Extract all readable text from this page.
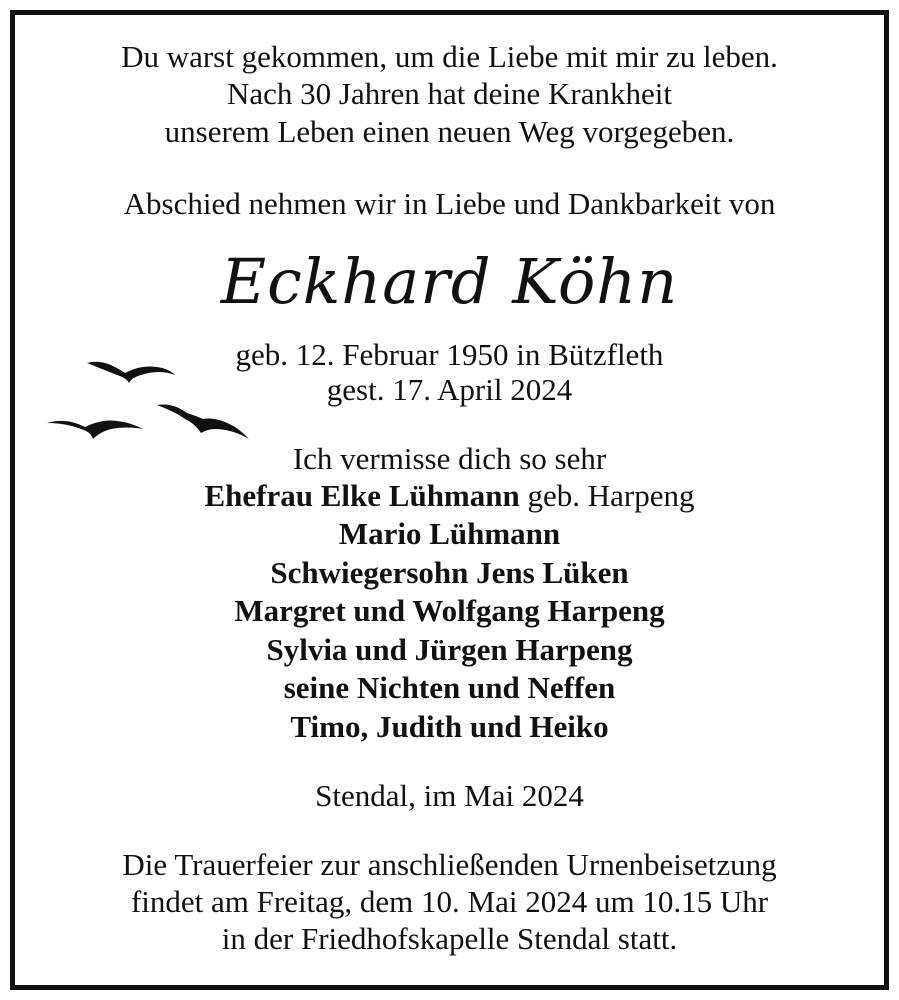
Du warst gekommen, um die Liebe mit mir zu leben.
Nach 30 Jahren hat deine Krankheit
unserem Leben einen neuen Weg vorgegeben.
Abschied nehmen wir in Liebe und Dankbarkeit von
Eckhard Köhn
geb. 12. Februar 1950 in Bützfleth
gest. 17. April 2024
Ich vermisse dich so sehr
Ehefrau Elke Lühmann geb. Harpeng
Mario Lühmann
Schwiegersohn Jens Lüken
Margret und Wolfgang Harpeng
Sylvia und Jürgen Harpeng
seine Nichten und Neffen
Timo, Judith und Heiko
Stendal, im Mai 2024
Die Trauerfeier zur anschließenden Urnenbeisetzung
findet am Freitag, dem 10. Mai 2024 um 10.15 Uhr
in der Friedhofskapelle Stendal statt.
